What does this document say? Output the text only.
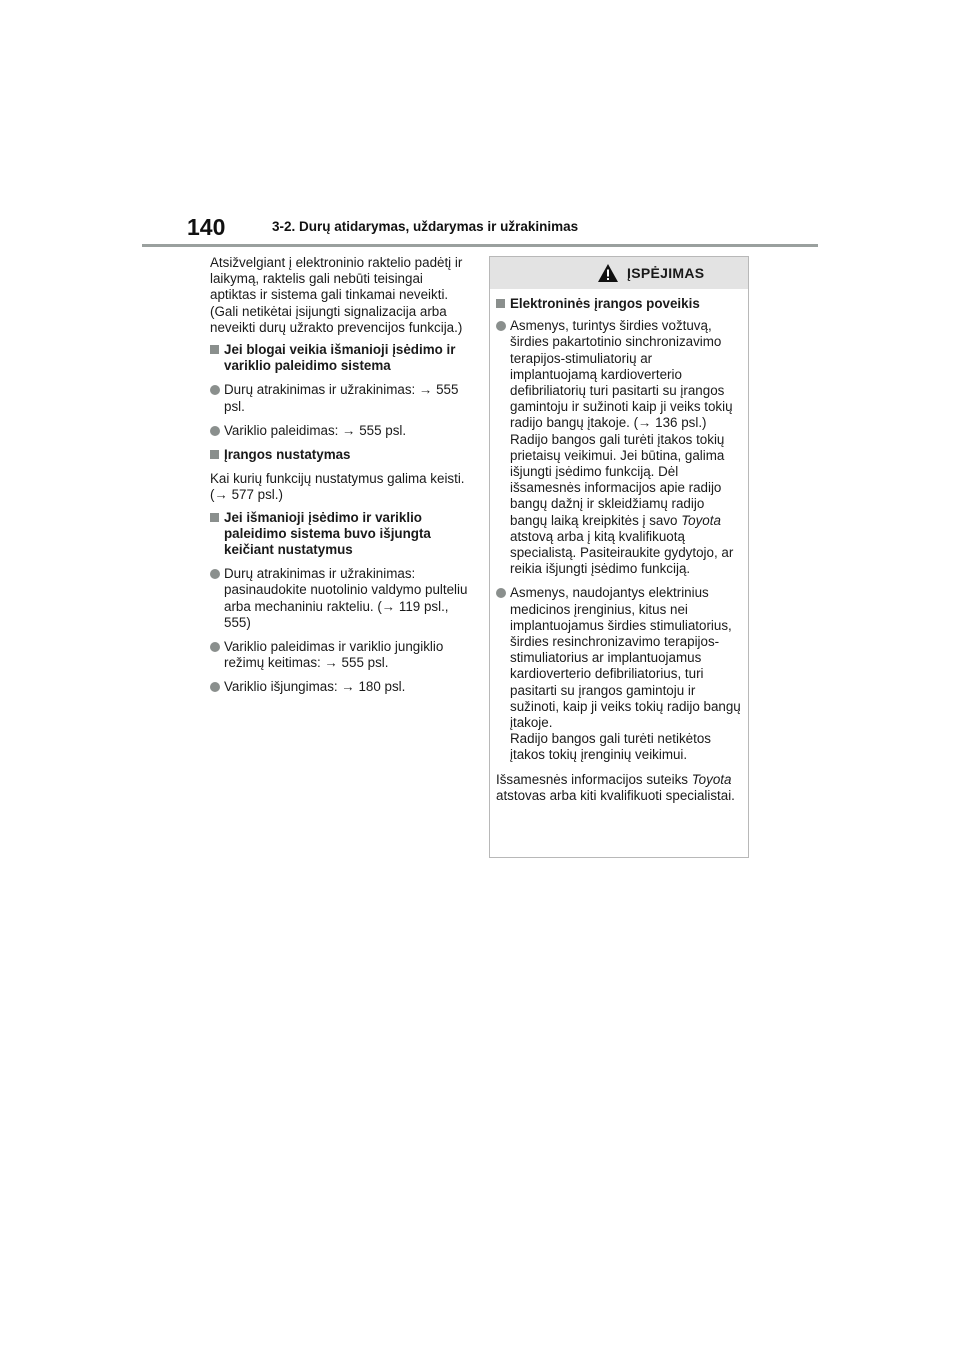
140	3-2. Durų atidarymas, uždarymas ir užrakinimas

Atsižvelgiant į elektroninio raktelio padėtį ir laikymą, raktelis gali nebūti teisingai aptiktas ir sistema gali tinkamai neveikti. (Gali netikėtai įsijungti signalizacija arba neveikti durų užrakto prevencijos funkcija.)

Jei blogai veikia išmanioji įsėdimo ir variklio paleidimo sistema
Durų atrakinimas ir užrakinimas: → 555 psl.
Variklio paleidimas: → 555 psl.
Įrangos nustatymas

Kai kurių funkcijų nustatymus galima keisti. (→ 577 psl.)

Jei išmanioji įsėdimo ir variklio paleidimo sistema buvo išjungta keičiant nustatymus
Durų atrakinimas ir užrakinimas: pasinaudokite nuotolinio valdymo pulteliu arba mechaniniu rakteliu. (→ 119 psl., 555)
Variklio paleidimas ir variklio jungiklio režimų keitimas: → 555 psl.
Variklio išjungimas: → 180 psl.
ĮSPĖJIMAS
Elektroninės įrangos poveikis
Asmenys, turintys širdies vožtuvą, širdies pakartotinio sinchronizavimo terapijos-stimuliatorių ar implantuojamą kardioverterio defibriliatorių turi pasitarti su įrangos gamintoju ir sužinoti kaip ji veiks tokių radijo bangų įtakoje. (→ 136 psl.)
Radijo bangos gali turėti įtakos tokių prietaisų veikimui. Jei būtina, galima išjungti įsėdimo funkciją. Dėl išsamesnės informacijos apie radijo bangų dažnį ir skleidžiamų radijo bangų laiką kreipkitės į savo Toyota atstovą arba į kitą kvalifikuotą specialistą. Pasiteiraukite gydytojo, ar reikia išjungti įsėdimo funkciją.
Asmenys, naudojantys elektrinius medicinos įrenginius, kitus nei implantuojamus širdies stimuliatorius, širdies resinchronizavimo terapijos-stimuliatorius ar implantuojamus kardioverterio defibriliatorius, turi pasitarti su įrangos gamintoju ir sužinoti, kaip ji veiks tokių radijo bangų įtakoje.
Radijo bangos gali turėti netikėtos įtakos tokių įrenginių veikimui.

Išsamesnės informacijos suteiks Toyota atstovas arba kiti kvalifikuoti specialistai.
